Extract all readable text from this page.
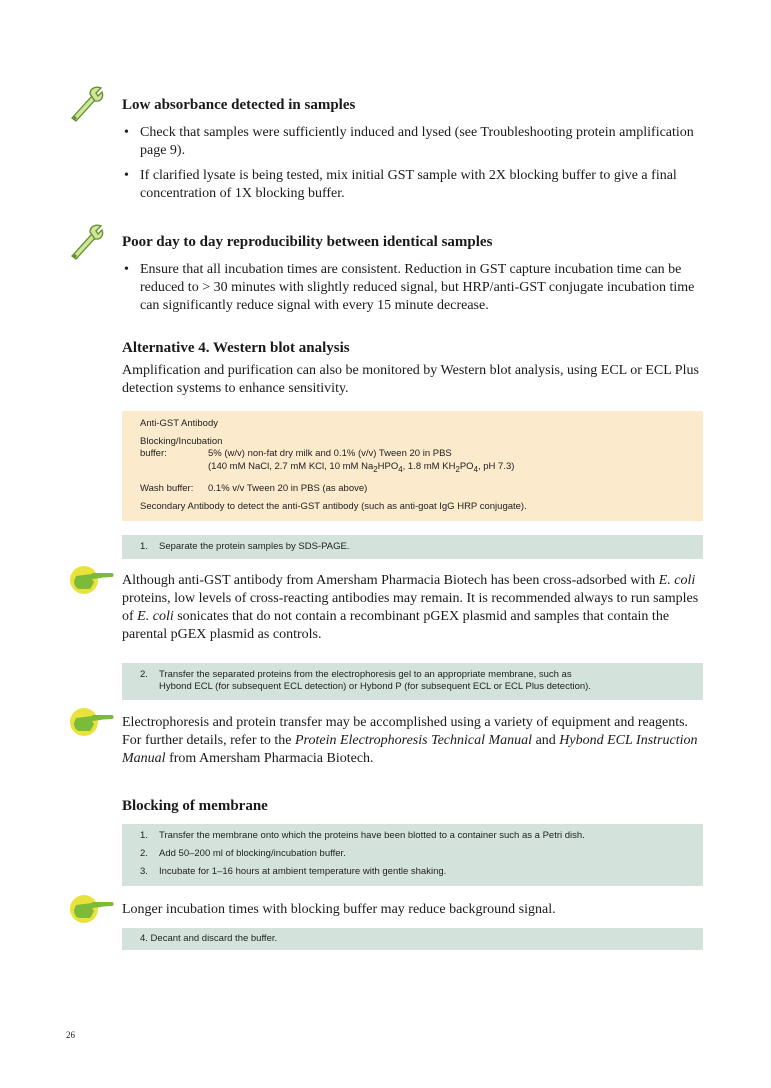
Low absorbance detected in samples
• Check that samples were sufficiently induced and lysed (see Troubleshooting protein amplification page 9).
• If clarified lysate is being tested, mix initial GST sample with 2X blocking buffer to give a final concentration of 1X blocking buffer.
Poor day to day reproducibility between identical samples
• Ensure that all incubation times are consistent. Reduction in GST capture incubation time can be reduced to > 30 minutes with slightly reduced signal, but HRP/anti-GST conjugate incubation time can significantly reduce signal with every 15 minute decrease.
Alternative 4. Western blot analysis

Amplification and purification can also be monitored by Western blot analysis, using ECL or ECL Plus detection systems to enhance sensitivity.

Anti-GST Antibody
Blocking/Incubation
buffer:	5% (w/v) non-fat dry milk and 0.1% (v/v) Tween 20 in PBS
(140 mM NaCl, 2.7 mM KCl, 10 mM $Na_2HPO_4$, 1.8 mM $KH_2PO_4$, pH 7.3)
Wash buffer: 0.1% v/v Tween 20 in PBS (as above)
Secondary Antibody to detect the anti-GST antibody (such as anti-goat IgG HRP conjugate).
1.	Separate the protein samples by SDS-PAGE.

Although anti-GST antibody from Amersham Pharmacia Biotech has been cross-adsorbed with E. coli proteins, low levels of cross-reacting antibodies may remain. It is recommended always to run samples of E. coli sonicates that do not contain a recombinant pGEX plasmid and samples that contain the parental pGEX plasmid as controls.

2.	Transfer the separated proteins from the electrophoresis gel to an appropriate membrane, such as
Hybond ECL (for subsequent ECL detection) or Hybond P (for subsequent ECL or ECL Plus detection).

Electrophoresis and protein transfer may be accomplished using a variety of equipment and reagents. For further details, refer to the Protein Electrophoresis Technical Manual and Hybond ECL Instruction Manual from Amersham Pharmacia Biotech.

Blocking of membrane
1.	Transfer the membrane onto which the proteins have been blotted to a container such as a Petri dish.
2.	Add 50–200 ml of blocking/incubation buffer.
3.	Incubate for 1–16 hours at ambient temperature with gentle shaking.

Longer incubation times with blocking buffer may reduce background signal.

4. Decant and discard the buffer.
26
